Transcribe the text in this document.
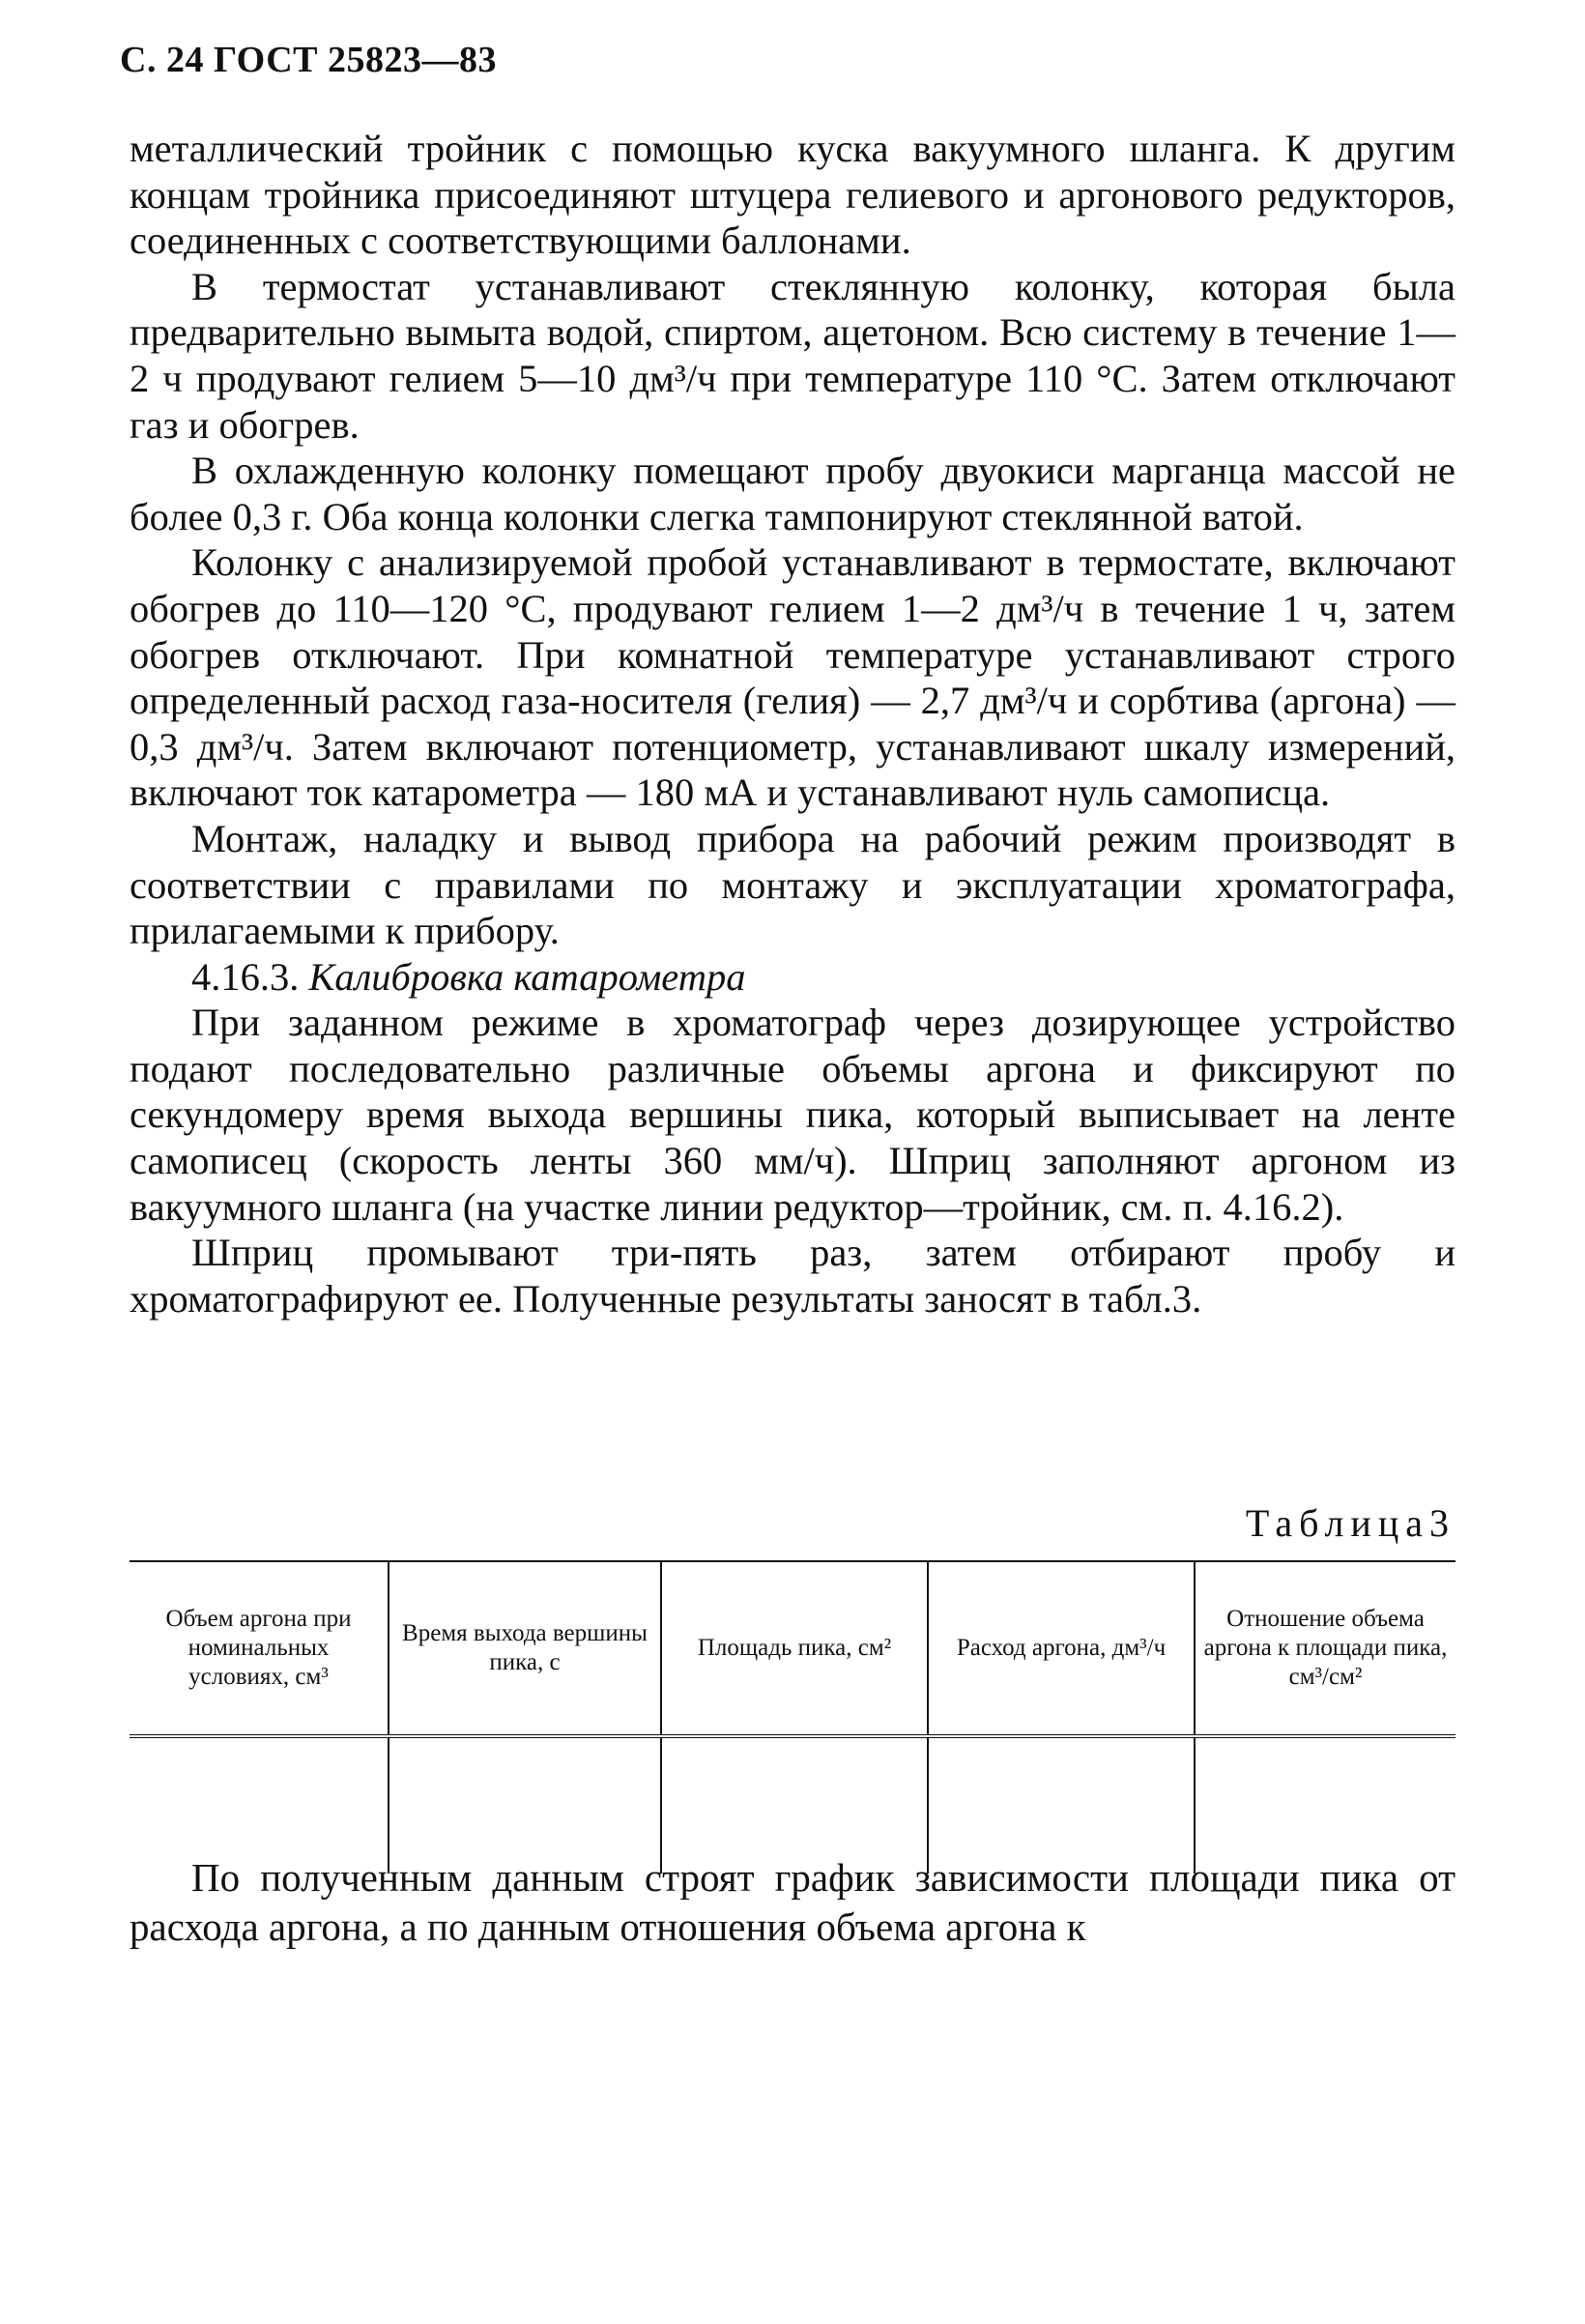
С. 24 ГОСТ 25823—83

металлический тройник с помощью куска вакуумного шланга. К другим концам тройника присоединяют штуцера гелиевого и аргонового редукторов, соединенных с соответствующими баллонами.

В термостат устанавливают стеклянную колонку, которая была предварительно вымыта водой, спиртом, ацетоном. Всю систему в течение 1—2 ч продувают гелием 5—10 дм³/ч при температуре 110 °С. Затем отключают газ и обогрев.

В охлажденную колонку помещают пробу двуокиси марганца массой не более 0,3 г. Оба конца колонки слегка тампонируют стеклянной ватой.

Колонку с анализируемой пробой устанавливают в термостате, включают обогрев до 110—120 °С, продувают гелием 1—2 дм³/ч в течение 1 ч, затем обогрев отключают. При комнатной температуре устанавливают строго определенный расход газа-носителя (гелия) — 2,7 дм³/ч и сорбтива (аргона) — 0,3 дм³/ч. Затем включают потенциометр, устанавливают шкалу измерений, включают ток катарометра — 180 мА и устанавливают нуль самописца.

Монтаж, наладку и вывод прибора на рабочий режим производят в соответствии с правилами по монтажу и эксплуатации хроматографа, прилагаемыми к прибору.

4.16.3. Калибровка катарометра

При заданном режиме в хроматограф через дозирующее устройство подают последовательно различные объемы аргона и фиксируют по секундомеру время выхода вершины пика, который выписывает на ленте самописец (скорость ленты 360 мм/ч). Шприц заполняют аргоном из вакуумного шланга (на участке линии редуктор—тройник, см. п. 4.16.2).

Шприц промывают три-пять раз, затем отбирают пробу и хроматографируют ее. Полученные результаты заносят в табл.3.

Таблица3
Объем аргона при номинальных условиях, см³	Время выхода вершины пика, с	Площадь пика, см²	Расход аргона, дм³/ч	Отношение объема аргона к площади пика, см³/см²

По полученным данным строят график зависимости площади пика от расхода аргона, а по данным отношения объема аргона к
